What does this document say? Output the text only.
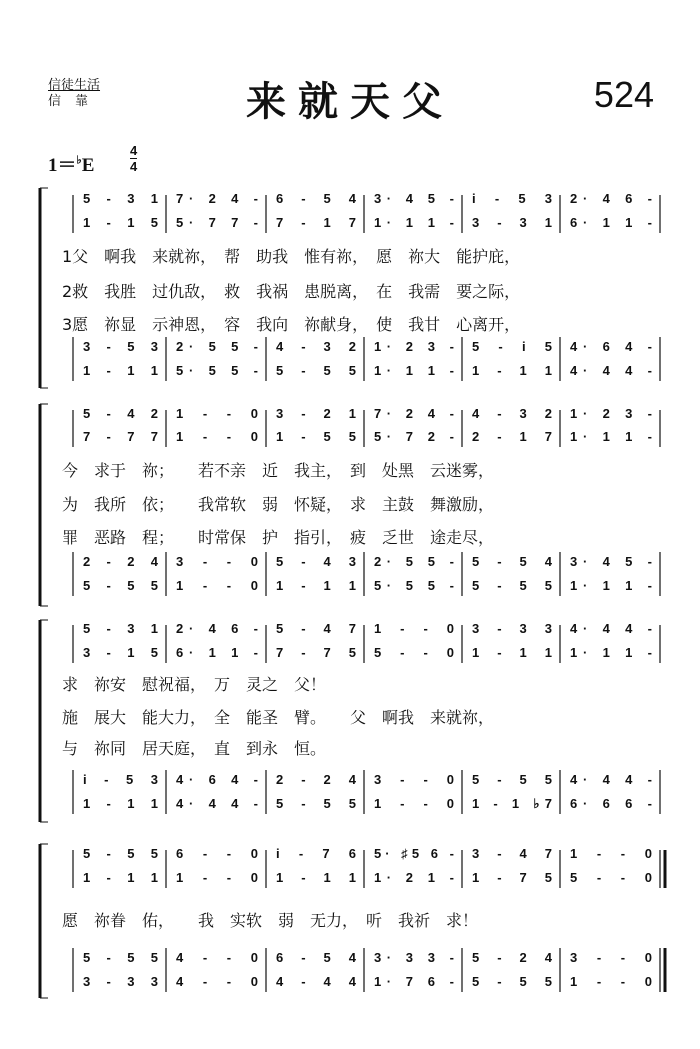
信徒生活
信靠	来就天父	524
1＝♭E
4
4
5 - 3 1 7· 2 4 - 6 - 5 4 3· 4 5 - i - 5 3 2· 4 6 -
1 - 1 5 5· 7 7 - 7 - 1 7 1· 1 1 - 3 - 3 1 6· 1 1 -
3 - 5 3 2· 5 5 - 4 - 3 2 1· 2 3 - 5 - i 5 4· 6 4 -
1 - 1 1 5· 5 5 - 5 - 5 5 1· 1 1 - 1 - 1 1 4· 4 4 -
1父　啊我　来就祢，　帮　助我　惟有祢，　愿　祢大　能护庇，
2救　我胜　过仇敌，　救　我祸　患脱离，　在　我需　要之际，
3愿　祢显　示神恩，　容　我向　祢献身，　使　我甘　心离开，
5 - 4 2 1 - - 0 3 - 2 1 7· 2 4 - 4 - 3 2 1· 2 3 -
7 - 7 7 1 - - 0 1 - 5 5 5· 7 2 - 2 - 1 7 1· 1 1 -
2 - 2 4 3 - - 0 5 - 4 3 2· 5 5 - 5 - 5 4 3· 4 5 -
5 - 5 5 1 - - 0 1 - 1 1 5· 5 5 - 5 - 5 5 1· 1 1 -
今　求于　祢；　　若不亲　近　我主，　到　处黑　云迷雾，
为　我所　依；　　我常软　弱　怀疑，　求　主鼓　舞激励，
罪　恶路　程；　　时常保　护　指引，　疲　乏世　途走尽，
5 - 3 1 2· 4 6 - 5 - 4 7 1 - - 0 3 - 3 3 4· 4 4 -
3 - 1 5 6· 1 1 - 7 - 7 5 5 - - 0 1 - 1 1 1· 1 1 -
i - 5 3 4· 6 4 - 2 - 2 4 3 - - 0 5 - 5 5 4· 4 4 -
1 - 1 1 4· 4 4 - 5 - 5 5 1 - - 0 1 - 1 ♭7 6· 6 6 -
求　祢安　慰祝福，　万　灵之　父！
施　展大　能大力，　全　能圣　臂。　　父　啊我　来就祢，
与　祢同　居天庭，　直　到永　恒。
5 - 5 5 6 - - 0 i - 7 6 5· ♯5 6 - 3 - 4 7 1 - - 0
1 - 1 1 1 - - 0 1 - 1 1 1· 2 1 - 1 - 7 5 5 - - 0
5 - 5 5 4 - - 0 6 - 5 4 3· 3 3 - 5 - 2 4 3 - - 0
3 - 3 3 4 - - 0 4 - 4 4 1· 7 6 - 5 - 5 5 1 - - 0
愿　祢眷　佑，　　我　实软　弱　无力，　听　我祈　求！
